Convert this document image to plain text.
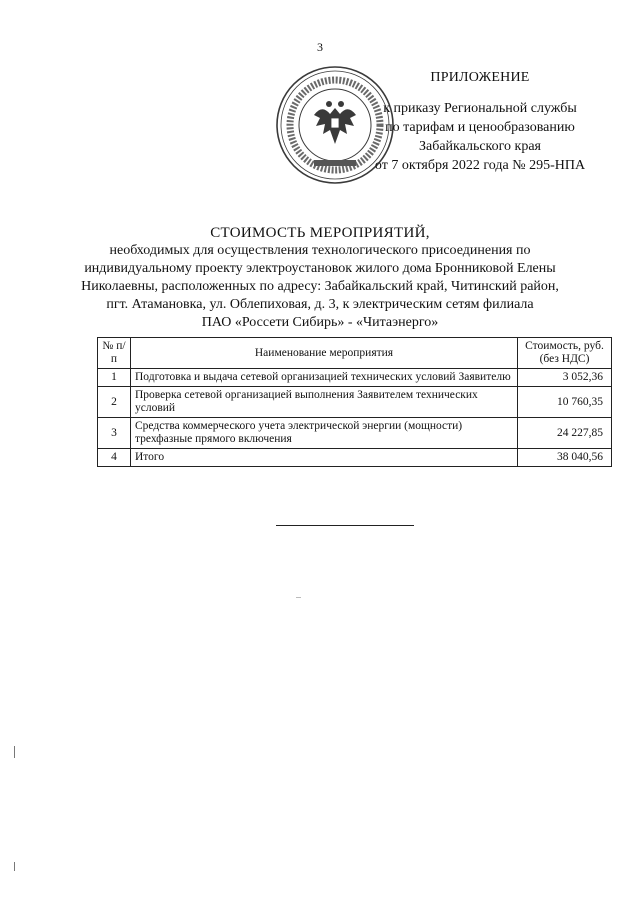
3
ПРИЛОЖЕНИЕ
к приказу Региональной службы
по тарифам и ценообразованию
Забайкальского края
от 7 октября 2022 года № 295-НПА
СТОИМОСТЬ МЕРОПРИЯТИЙ,
необходимых для осуществления технологического присоединения по
индивидуальному проекту электроустановок жилого дома Бронниковой Елены
Николаевны, расположенных по адресу: Забайкальский край, Читинский район,
пгт. Атамановка, ул. Облепиховая, д. 3, к электрическим сетям филиала
ПАО «Россети Сибирь» - «Читаэнерго»
№ п/п	Наименование мероприятия	Стоимость, руб. (без НДС)
1	Подготовка и выдача сетевой организацией технических условий Заявителю	3 052,36
2	Проверка сетевой организацией выполнения Заявителем технических условий	10 760,35
3	Средства коммерческого учета электрической энергии (мощности) трехфазные прямого включения	24 227,85
4	Итого	38 040,56
